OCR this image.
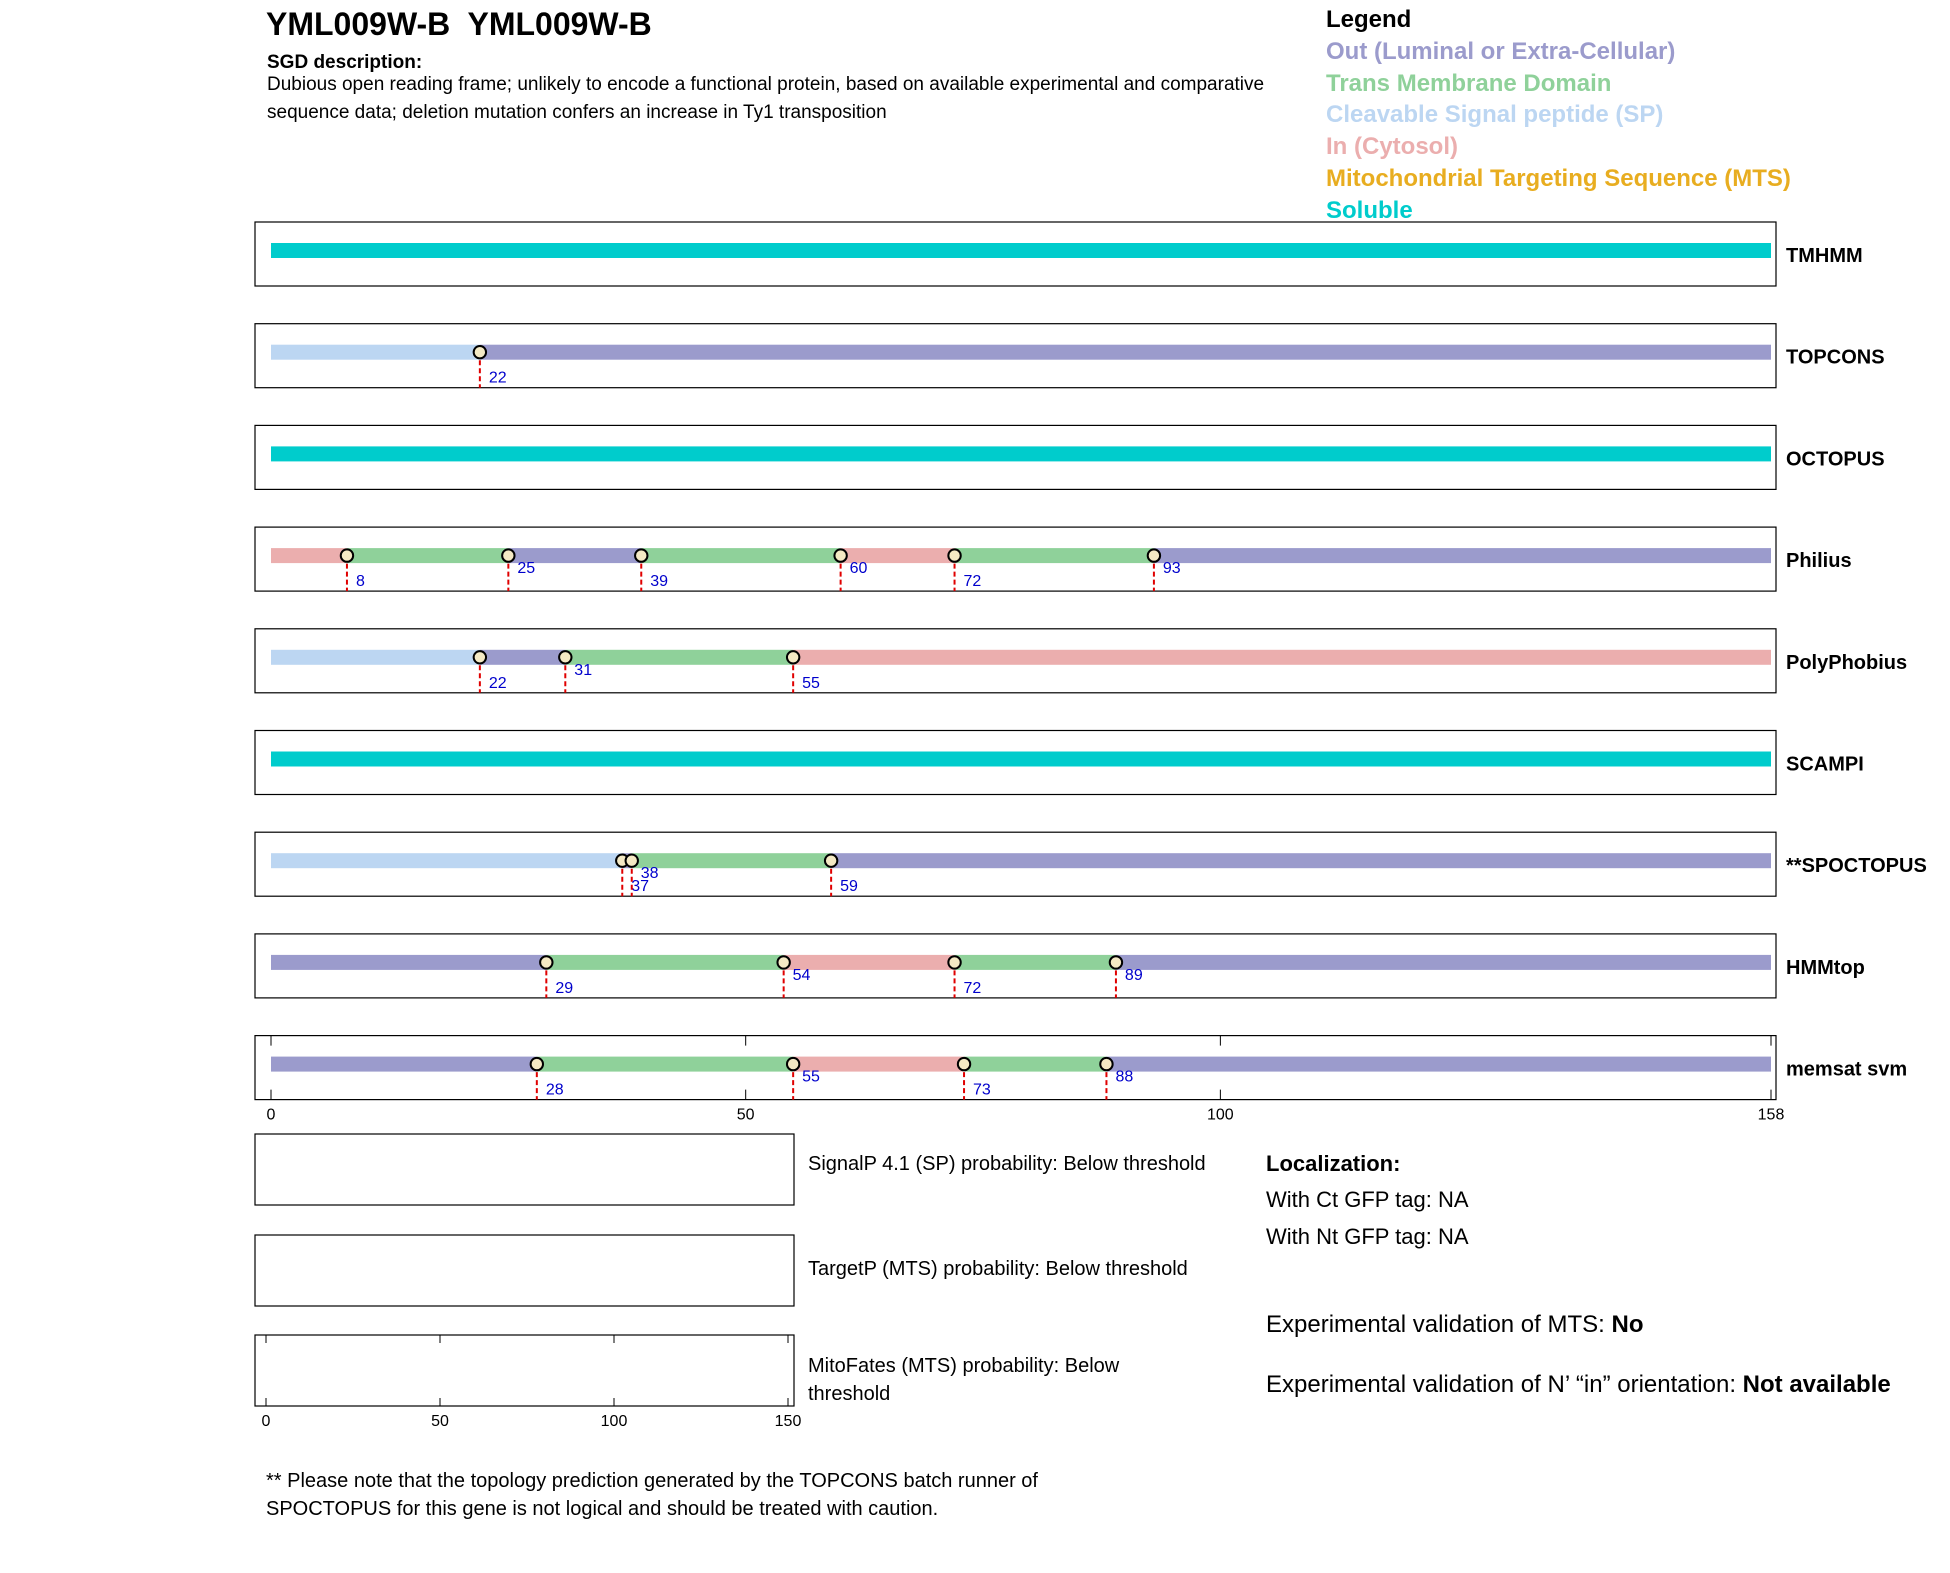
TMHMM
TOPCONS
22
OCTOPUS
Philius
8
25
39
60
72
93
PolyPhobius
22
31
55
SCAMPI
**SPOCTOPUS
37
38
59
HMMtop
29
54
72
89
memsat svm
28
55
73
88
0	50	100	158
0	50	100	150
YML009W-B  YML009W-B
SGD description:
Dubious open reading frame; unlikely to encode a functional protein, based on available experimental and comparative sequence data; deletion mutation confers an increase in Ty1 transposition
Legend
Out (Luminal or Extra-Cellular)
Trans Membrane Domain
Cleavable Signal peptide (SP)
In (Cytosol)
Mitochondrial Targeting Sequence (MTS)
Soluble
SignalP 4.1 (SP) probability: Below threshold
TargetP (MTS) probability: Below threshold
MitoFates (MTS) probability: Below threshold
Localization:
With Ct GFP tag: NA
With Nt GFP tag: NA
Experimental validation of MTS: No
Experimental validation of N’ “in” orientation: Not available
** Please note that the topology prediction generated by the TOPCONS batch runner of SPOCTOPUS for this gene is not logical and should be treated with caution.
